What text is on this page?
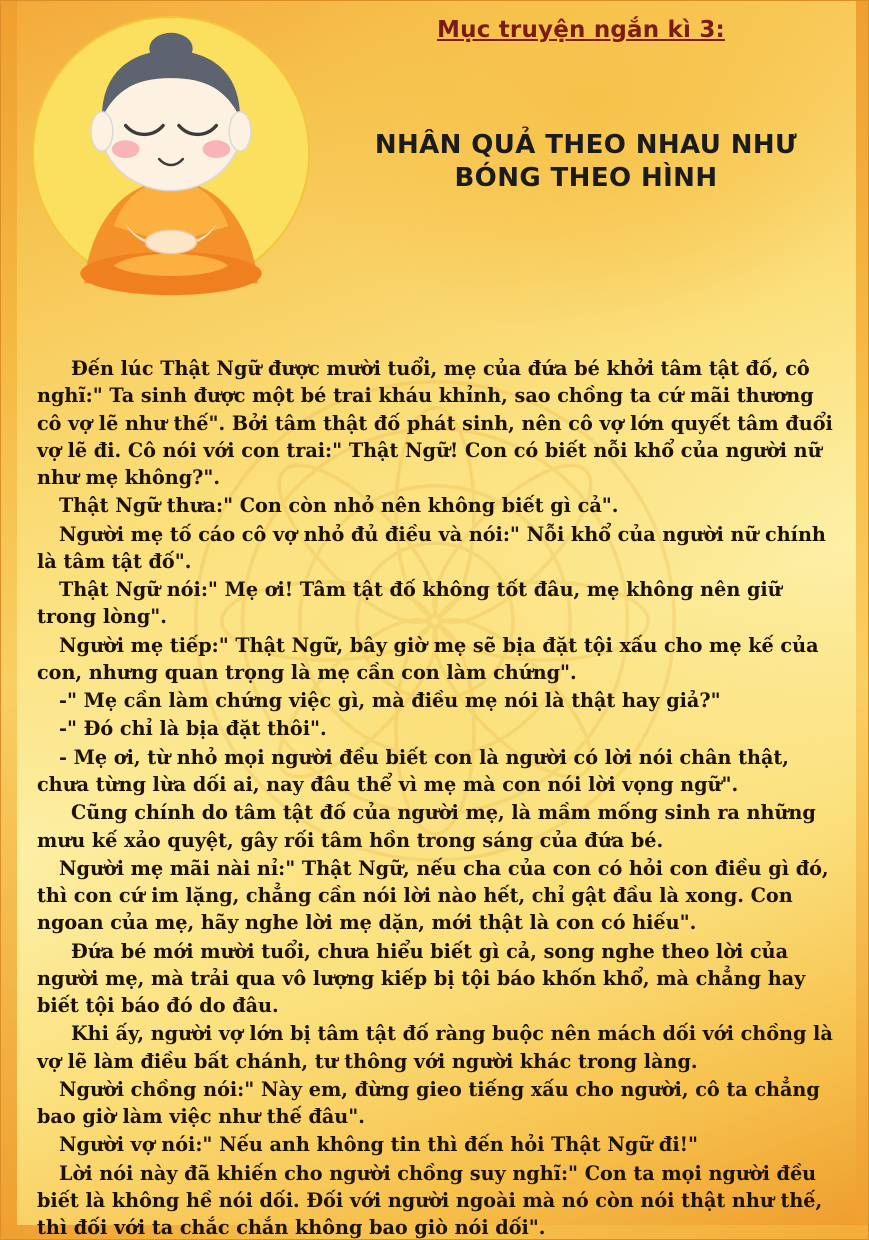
Mục truyện ngắn kì 3:
NHÂN QUẢ THEO NHAU NHƯ
BÓNG THEO HÌNH

Đến lúc Thật Ngữ được mười tuổi, mẹ của đứa bé khởi tâm tật đố, cô nghĩ:" Ta sinh được một bé trai kháu khỉnh, sao chồng ta cứ mãi thương cô vợ lẽ như thế". Bởi tâm thật đố phát sinh, nên cô vợ lớn quyết tâm đuổi vợ lẽ đi. Cô nói với con trai:" Thật Ngữ! Con có biết nỗi khổ của người nữ như mẹ không?".

Thật Ngữ thưa:" Con còn nhỏ nên không biết gì cả".

Người mẹ tố cáo cô vợ nhỏ đủ điều và nói:" Nỗi khổ của người nữ chính là tâm tật đố".

Thật Ngữ nói:" Mẹ ơi! Tâm tật đố không tốt đâu, mẹ không nên giữ trong lòng".

Người mẹ tiếp:" Thật Ngữ, bây giờ mẹ sẽ bịa đặt tội xấu cho mẹ kế của con, nhưng quan trọng là mẹ cần con làm chứng".

-" Mẹ cần làm chứng việc gì, mà điều mẹ nói là thật hay giả?"

-" Đó chỉ là bịa đặt thôi".

- Mẹ ơi, từ nhỏ mọi người đều biết con là người có lời nói chân thật, chưa từng lừa dối ai, nay đâu thể vì mẹ mà con nói lời vọng ngữ".

Cũng chính do tâm tật đố của người mẹ, là mầm mống sinh ra những mưu kế xảo quyệt, gây rối tâm hồn trong sáng của đứa bé.

Người mẹ mãi nài nỉ:" Thật Ngữ, nếu cha của con có hỏi con điều gì đó, thì con cứ im lặng, chẳng cần nói lời nào hết, chỉ gật đầu là xong. Con ngoan của mẹ, hãy nghe lời mẹ dặn, mới thật là con có hiếu".

Đứa bé mới mười tuổi, chưa hiểu biết gì cả, song nghe theo lời của người mẹ, mà trải qua vô lượng kiếp bị tội báo khốn khổ, mà chẳng hay biết tội báo đó do đâu.

Khi ấy, người vợ lớn bị tâm tật đố ràng buộc nên mách dối với chồng là vợ lẽ làm điều bất chánh, tư thông với người khác trong làng.

Người chồng nói:" Này em, đừng gieo tiếng xấu cho người, cô ta chẳng bao giờ làm việc như thế đâu".

Người vợ nói:" Nếu anh không tin thì đến hỏi Thật Ngữ đi!"

Lời nói này đã khiến cho người chồng suy nghĩ:" Con ta mọi người đều biết là không hề nói dối. Đối với người ngoài mà nó còn nói thật như thế, thì đối với ta chắc chắn không bao giò nói dối".
